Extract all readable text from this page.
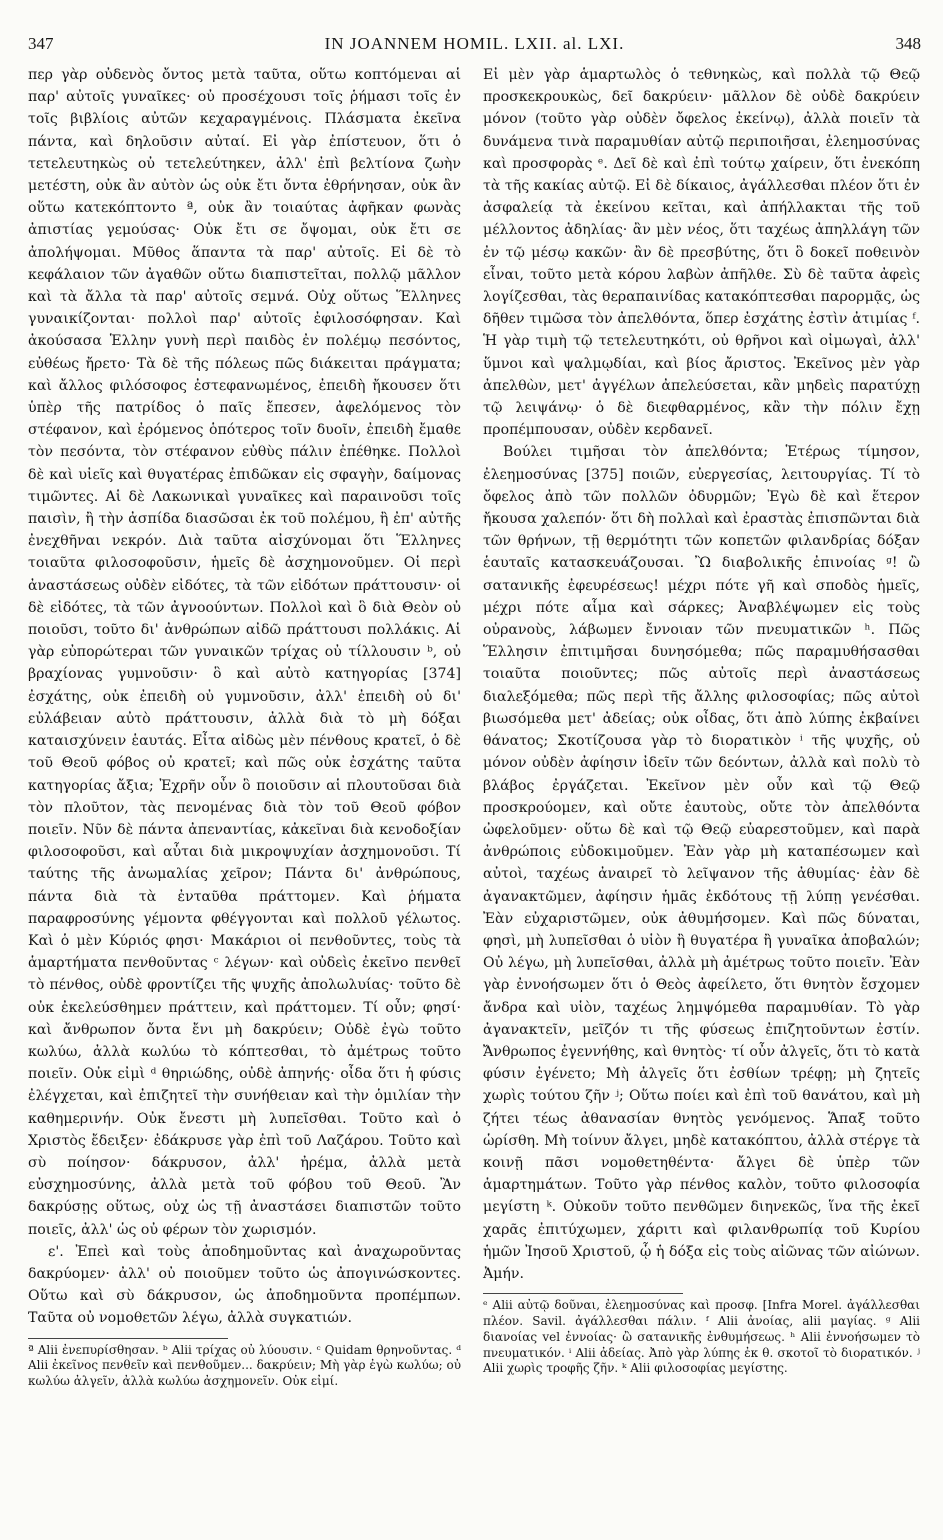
347	IN JOANNEM HOMIL. LXII. al. LXI.	348

περ γὰρ οὐδενὸς ὄντος μετὰ ταῦτα, οὕτω κοπτόμεναι αἱ παρ' αὐτοῖς γυναῖκες· οὐ προσέχουσι τοῖς ῥήμασι τοῖς ἐν τοῖς βιβλίοις αὐτῶν κεχαραγμένοις. Πλάσματα ἐκεῖνα πάντα, καὶ δηλοῦσιν αὐταί. Εἰ γὰρ ἐπίστευον, ὅτι ὁ τετελευτηκὼς οὐ τετελεύτηκεν, ἀλλ' ἐπὶ βελτίονα ζωὴν μετέστη, οὐκ ἂν αὐτὸν ὡς οὐκ ἔτι ὄντα ἐθρήνησαν, οὐκ ἂν οὕτω κατεκόπτοντο ª, οὐκ ἂν τοιαύτας ἀφῆκαν φωνὰς ἀπιστίας γεμούσας· Οὐκ ἔτι σε ὄψομαι, οὐκ ἔτι σε ἀπολήψομαι. Μῦθος ἅπαντα τὰ παρ' αὐτοῖς. Εἰ δὲ τὸ κεφάλαιον τῶν ἀγαθῶν οὕτω διαπιστεῖται, πολλῷ μᾶλλον καὶ τὰ ἄλλα τὰ παρ' αὐτοῖς σεμνά. Οὐχ οὕτως Ἕλληνες γυναικίζονται· πολλοὶ παρ' αὐτοῖς ἐφιλοσόφησαν. Καὶ ἀκούσασα Ἑλλην γυνὴ περὶ παιδὸς ἐν πολέμῳ πεσόντος, εὐθέως ἤρετο· Τὰ δὲ τῆς πόλεως πῶς διάκειται πράγματα; καὶ ἄλλος φιλόσοφος ἐστεφανωμένος, ἐπειδὴ ἤκουσεν ὅτι ὑπὲρ τῆς πατρίδος ὁ παῖς ἔπεσεν, ἀφελόμενος τὸν στέφανον, καὶ ἐρόμενος ὁπότερος τοῖν δυοῖν, ἐπειδὴ ἔμαθε τὸν πεσόντα, τὸν στέφανον εὐθὺς πάλιν ἐπέθηκε. Πολλοὶ δὲ καὶ υἱεῖς καὶ θυγατέρας ἐπιδῶκαν εἰς σφαγὴν, δαίμονας τιμῶντες. Αἱ δὲ Λακωνικαὶ γυναῖκες καὶ παραινοῦσι τοῖς παισὶν, ἢ τὴν ἀσπίδα διασῶσαι ἐκ τοῦ πολέμου, ἢ ἐπ' αὐτῆς ἐνεχθῆναι νεκρόν. Διὰ ταῦτα αἰσχύνομαι ὅτι Ἕλληνες τοιαῦτα φιλοσοφοῦσιν, ἡμεῖς δὲ ἀσχημονοῦμεν. Οἱ περὶ ἀναστάσεως οὐδὲν εἰδότες, τὰ τῶν εἰδότων πράττουσιν· οἱ δὲ εἰδότες, τὰ τῶν ἀγνοούντων. Πολλοὶ καὶ ὃ διὰ Θεὸν οὐ ποιοῦσι, τοῦτο δι' ἀνθρώπων αἰδῶ πράττουσι πολλάκις. Αἱ γὰρ εὐπορώτεραι τῶν γυναικῶν τρίχας οὐ τίλλουσιν ᵇ, οὐ βραχίονας γυμνοῦσιν· ὃ καὶ αὐτὸ κατηγορίας [374] ἐσχάτης, οὐκ ἐπειδὴ οὐ γυμνοῦσιν, ἀλλ' ἐπειδὴ οὐ δι' εὐλάβειαν αὐτὸ πράττουσιν, ἀλλὰ διὰ τὸ μὴ δόξαι καταισχύνειν ἑαυτάς. Εἶτα αἰδὼς μὲν πένθους κρατεῖ, ὁ δὲ τοῦ Θεοῦ φόβος οὐ κρατεῖ; καὶ πῶς οὐκ ἐσχάτης ταῦτα κατηγορίας ἄξια; Ἐχρῆν οὖν ὃ ποιοῦσιν αἱ πλουτοῦσαι διὰ τὸν πλοῦτον, τὰς πενομένας διὰ τὸν τοῦ Θεοῦ φόβον ποιεῖν. Νῦν δὲ πάντα ἀπεναντίας, κἀκεῖναι διὰ κενοδοξίαν φιλοσοφοῦσι, καὶ αὗται διὰ μικροψυχίαν ἀσχημονοῦσι. Τί ταύτης τῆς ἀνωμαλίας χεῖρον; Πάντα δι' ἀνθρώπους, πάντα διὰ τὰ ἐνταῦθα πράττομεν. Καὶ ῥήματα παραφροσύνης γέμοντα φθέγγονται καὶ πολλοῦ γέλωτος. Καὶ ὁ μὲν Κύριός φησι· Μακάριοι οἱ πενθοῦντες, τοὺς τὰ ἁμαρτήματα πενθοῦντας ᶜ λέγων· καὶ οὐδεὶς ἐκεῖνο πενθεῖ τὸ πένθος, οὐδὲ φροντίζει τῆς ψυχῆς ἀπολωλυίας· τοῦτο δὲ οὐκ ἐκελεύσθημεν πράττειν, καὶ πράττομεν. Τί οὖν; φησί· καὶ ἄνθρωπον ὄντα ἔνι μὴ δακρύειν; Οὐδὲ ἐγὼ τοῦτο κωλύω, ἀλλὰ κωλύω τὸ κόπτεσθαι, τὸ ἀμέτρως τοῦτο ποιεῖν. Οὐκ εἰμὶ ᵈ θηριώδης, οὐδὲ ἀπηνής· οἶδα ὅτι ἡ φύσις ἐλέγχεται, καὶ ἐπιζητεῖ τὴν συνήθειαν καὶ τὴν ὁμιλίαν τὴν καθημερινήν. Οὐκ ἔνεστι μὴ λυπεῖσθαι. Τοῦτο καὶ ὁ Χριστὸς ἔδειξεν· ἐδάκρυσε γὰρ ἐπὶ τοῦ Λαζάρου. Τοῦτο καὶ σὺ ποίησον· δάκρυσον, ἀλλ' ἠρέμα, ἀλλὰ μετὰ εὐσχημοσύνης, ἀλλὰ μετὰ τοῦ φόβου τοῦ Θεοῦ. Ἂν δακρύσῃς οὕτως, οὐχ ὡς τῇ ἀναστάσει διαπιστῶν τοῦτο ποιεῖς, ἀλλ' ὡς οὐ φέρων τὸν χωρισμόν.

ε'. Ἐπεὶ καὶ τοὺς ἀποδημοῦντας καὶ ἀναχωροῦντας δακρύομεν· ἀλλ' οὐ ποιοῦμεν τοῦτο ὡς ἀπογινώσκοντες. Οὕτω καὶ σὺ δάκρυσον, ὡς ἀποδημοῦντα προπέμπων. Ταῦτα οὐ νομοθετῶν λέγω, ἀλλὰ συγκατιών.

ª Alii ἐνεπυρίσθησαν. ᵇ Alii τρίχας οὐ λύουσιν. ᶜ Quidam θρηνοῦντας. ᵈ Alii ἐκεῖνος πενθεῖν καὶ πενθοῦμεν... δακρύειν; Μὴ γὰρ ἐγὼ κωλύω; οὐ κωλύω ἀλγεῖν, ἀλλὰ κωλύω ἀσχημονεῖν. Οὐκ εἰμί.

Εἰ μὲν γὰρ ἁμαρτωλὸς ὁ τεθνηκὼς, καὶ πολλὰ τῷ Θεῷ προσκεκρουκὼς, δεῖ δακρύειν· μᾶλλον δὲ οὐδὲ δακρύειν μόνον (τοῦτο γὰρ οὐδὲν ὄφελος ἐκείνῳ), ἀλλὰ ποιεῖν τὰ δυνάμενα τινὰ παραμυθίαν αὐτῷ περιποιῆσαι, ἐλεημοσύνας καὶ προσφορὰς ᵉ. Δεῖ δὲ καὶ ἐπὶ τούτῳ χαίρειν, ὅτι ἐνεκόπη τὰ τῆς κακίας αὐτῷ. Εἰ δὲ δίκαιος, ἀγάλλεσθαι πλέον ὅτι ἐν ἀσφαλείᾳ τὰ ἐκείνου κεῖται, καὶ ἀπήλλακται τῆς τοῦ μέλλοντος ἀδηλίας· ἂν μὲν νέος, ὅτι ταχέως ἀπηλλάγη τῶν ἐν τῷ μέσῳ κακῶν· ἂν δὲ πρεσβύτης, ὅτι ὃ δοκεῖ ποθεινὸν εἶναι, τοῦτο μετὰ κόρου λαβὼν ἀπῆλθε. Σὺ δὲ ταῦτα ἀφεὶς λογίζεσθαι, τὰς θεραπαινίδας κατακόπτεσθαι παρορμᾷς, ὡς δῆθεν τιμῶσα τὸν ἀπελθόντα, ὅπερ ἐσχάτης ἐστὶν ἀτιμίας ᶠ. Ἡ γὰρ τιμὴ τῷ τετελευτηκότι, οὐ θρῆνοι καὶ οἰμωγαὶ, ἀλλ' ὕμνοι καὶ ψαλμῳδίαι, καὶ βίος ἄριστος. Ἐκεῖνος μὲν γὰρ ἀπελθὼν, μετ' ἀγγέλων ἀπελεύσεται, κἂν μηδεὶς παρατύχῃ τῷ λειψάνῳ· ὁ δὲ διεφθαρμένος, κἂν τὴν πόλιν ἔχῃ προπέμπουσαν, οὐδὲν κερδανεῖ.

Βούλει τιμῆσαι τὸν ἀπελθόντα; Ἑτέρως τίμησον, ἐλεημοσύνας [375] ποιῶν, εὐεργεσίας, λειτουργίας. Τί τὸ ὄφελος ἀπὸ τῶν πολλῶν ὀδυρμῶν; Ἐγὼ δὲ καὶ ἕτερον ἤκουσα χαλεπόν· ὅτι δὴ πολλαὶ καὶ ἐραστὰς ἐπισπῶνται διὰ τῶν θρήνων, τῇ θερμότητι τῶν κοπετῶν φιλανδρίας δόξαν ἑαυταῖς κατασκευάζουσαι. Ὢ διαβολικῆς ἐπινοίας ᵍ! ὢ σατανικῆς ἐφευρέσεως! μέχρι πότε γῆ καὶ σποδὸς ἡμεῖς, μέχρι πότε αἷμα καὶ σάρκες; Ἀναβλέψωμεν εἰς τοὺς οὐρανοὺς, λάβωμεν ἔννοιαν τῶν πνευματικῶν ʰ. Πῶς Ἕλλησιν ἐπιτιμῆσαι δυνησόμεθα; πῶς παραμυθήσασθαι τοιαῦτα ποιοῦντες; πῶς αὐτοῖς περὶ ἀναστάσεως διαλεξόμεθα; πῶς περὶ τῆς ἄλλης φιλοσοφίας; πῶς αὐτοὶ βιωσόμεθα μετ' ἀδείας; οὐκ οἶδας, ὅτι ἀπὸ λύπης ἐκβαίνει θάνατος; Σκοτίζουσα γὰρ τὸ διορατικὸν ⁱ τῆς ψυχῆς, οὐ μόνον οὐδὲν ἀφίησιν ἰδεῖν τῶν δεόντων, ἀλλὰ καὶ πολὺ τὸ βλάβος ἐργάζεται. Ἐκεῖνον μὲν οὖν καὶ τῷ Θεῷ προσκρούομεν, καὶ οὔτε ἑαυτοὺς, οὔτε τὸν ἀπελθόντα ὠφελοῦμεν· οὕτω δὲ καὶ τῷ Θεῷ εὐαρεστοῦμεν, καὶ παρὰ ἀνθρώποις εὐδοκιμοῦμεν. Ἐὰν γὰρ μὴ καταπέσωμεν καὶ αὐτοὶ, ταχέως ἀναιρεῖ τὸ λεῖψανον τῆς ἀθυμίας· ἐὰν δὲ ἀγανακτῶμεν, ἀφίησιν ἡμᾶς ἐκδότους τῇ λύπῃ γενέσθαι. Ἐὰν εὐχαριστῶμεν, οὐκ ἀθυμήσομεν. Καὶ πῶς δύναται, φησὶ, μὴ λυπεῖσθαι ὁ υἱὸν ἢ θυγατέρα ἢ γυναῖκα ἀποβαλών; Οὐ λέγω, μὴ λυπεῖσθαι, ἀλλὰ μὴ ἀμέτρως τοῦτο ποιεῖν. Ἐὰν γὰρ ἐννοήσωμεν ὅτι ὁ Θεὸς ἀφείλετο, ὅτι θνητὸν ἔσχομεν ἄνδρα καὶ υἱὸν, ταχέως λημψόμεθα παραμυθίαν. Τὸ γὰρ ἀγανακτεῖν, μεῖζόν τι τῆς φύσεως ἐπιζητοῦντων ἐστίν. Ἄνθρωπος ἐγεννήθης, καὶ θνητὸς· τί οὖν ἀλγεῖς, ὅτι τὸ κατὰ φύσιν ἐγένετο; Μὴ ἀλγεῖς ὅτι ἐσθίων τρέφῃ; μὴ ζητεῖς χωρὶς τούτου ζῆν ʲ; Οὕτω ποίει καὶ ἐπὶ τοῦ θανάτου, καὶ μὴ ζήτει τέως ἀθανασίαν θνητὸς γενόμενος. Ἅπαξ τοῦτο ὡρίσθη. Μὴ τοίνυν ἄλγει, μηδὲ κατακόπτου, ἀλλὰ στέργε τὰ κοινῇ πᾶσι νομοθετηθέντα· ἄλγει δὲ ὑπὲρ τῶν ἁμαρτημάτων. Τοῦτο γὰρ πένθος καλὸν, τοῦτο φιλοσοφία μεγίστη ᵏ. Οὐκοῦν τοῦτο πενθῶμεν διηνεκῶς, ἵνα τῆς ἐκεῖ χαρᾶς ἐπιτύχωμεν, χάριτι καὶ φιλανθρωπίᾳ τοῦ Κυρίου ἡμῶν Ἰησοῦ Χριστοῦ, ᾧ ἡ δόξα εἰς τοὺς αἰῶνας τῶν αἰώνων. Ἀμήν.

ᵉ Alii αὐτῷ δοῦναι, ἐλεημοσύνας καὶ προσφ. [Infra Morel. ἀγάλλεσθαι πλέον. Savil. ἀγάλλεσθαι πάλιν. ᶠ Alii ἀνοίας, alii μαγίας. ᵍ Alii διανοίας vel ἐννοίας· ὢ σατανικῆς ἐνθυμήσεως. ʰ Alii ἐννοήσωμεν τὸ πνευματικόν. ⁱ Alii ἀδείας. Ἀπὸ γὰρ λύπης ἐκ θ. σκοτοῖ τὸ διορατικόν. ʲ Alii χωρὶς τροφῆς ζῆν. ᵏ Alii φιλοσοφίας μεγίστης.
